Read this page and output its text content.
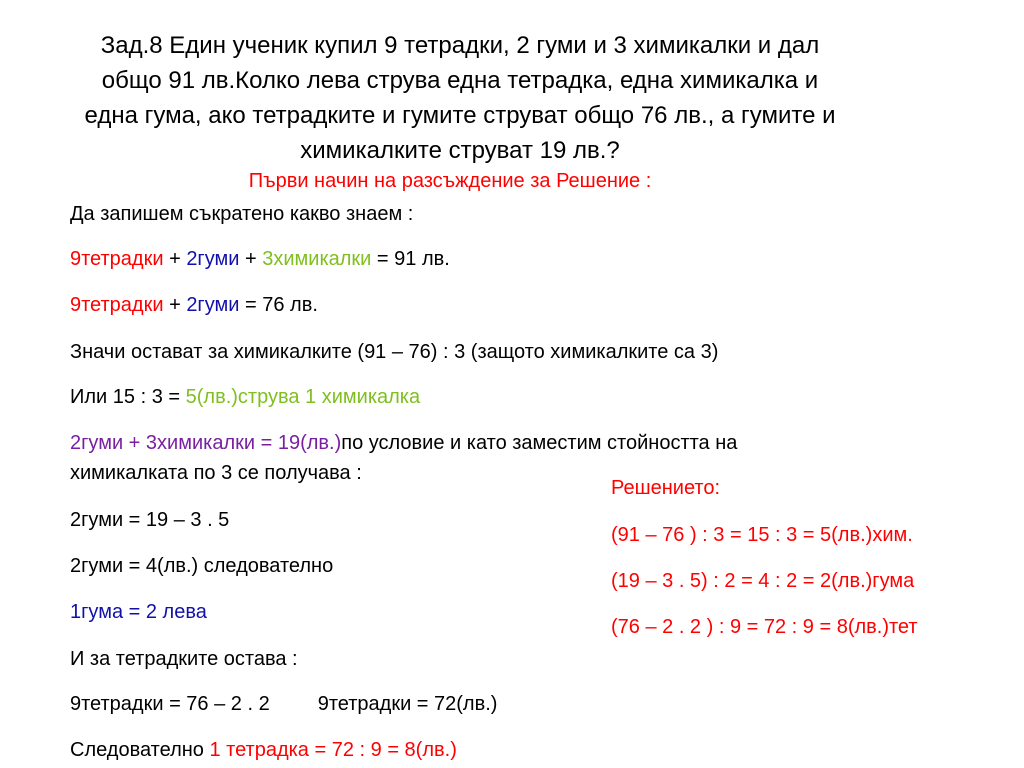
Зад.8 Един ученик купил 9 тетрадки, 2 гуми и 3 химикалки и дал
общо 91 лв.Колко лева струва една тетрадка, една химикалка и
една гума, ако тетрадките и гумите струват общо 76 лв., а гумите и
химикалките струват 19 лв.?
Първи начин на разсъждение за Решение :
Да запишем съкратено какво знаем :
9тетрадки + 2гуми + 3химикалки = 91 лв.
9тетрадки + 2гуми = 76 лв.
Значи остават за химикалките (91 – 76) : 3 (защото химикалките са 3)
Или 15 : 3 = 5(лв.)струва 1 химикалка
2гуми + 3химикалки = 19(лв.)по условие и като заместим стойността на
химикалката по 3 се получава :
2гуми = 19 – 3 . 5
2гуми = 4(лв.) следователно
1гума = 2 лева
И за тетрадките остава :
9тетрадки = 76 – 2 . 2 9тетрадки = 72(лв.)
Следователно 1 тетрадка = 72 : 9 = 8(лв.)
Решението:
(91 – 76 ) : 3 = 15 : 3 = 5(лв.)хим.
(19 – 3 . 5) : 2 = 4 : 2 = 2(лв.)гума
(76 – 2 . 2 ) : 9 = 72 : 9 = 8(лв.)тет
